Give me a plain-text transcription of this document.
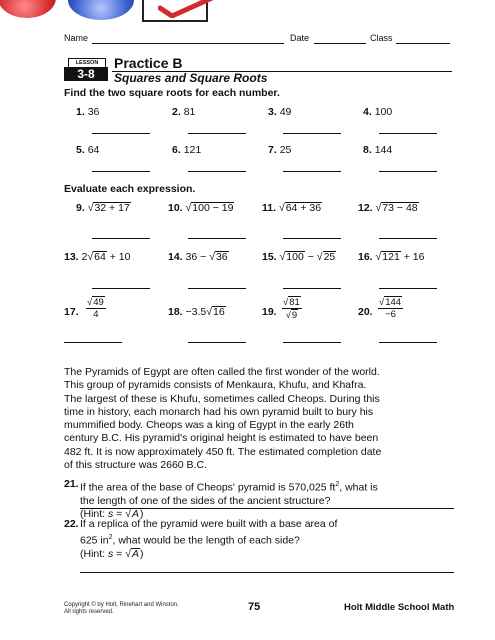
Name	Date	Class
LESSON
3-8
Practice B
Squares and Square Roots
Find the two square roots for each number.
1. 36	2. 81	3. 49	4. 100
5. 64	6. 121	7. 25	8. 144
Evaluate each expression.
9. √32 + 17	10. √100 − 19	11. √64 + 36	12. √73 − 48
13. 2√64 + 10	14. 36 − √36	15. √100 − √25 16. √121 + 16
17. $\frac{√49}{4}$	18. −3.5√16	19. $\frac{√81}{√9}$	20. $\frac{√144}{-6}$
The Pyramids of Egypt are often called the first wonder of the world.
This group of pyramids consists of Menkaura, Khufu, and Khafra.
The largest of these is Khufu, sometimes called Cheops. During this
time in history, each monarch had his own pyramid built to bury his
mummified body. Cheops was a king of Egypt in the early 26th
century B.C. His pyramid's original height is estimated to have been
482 ft. It is now approximately 450 ft. The estimated completion date
of this structure was 2660 B.C.
21. If the area of the base of Cheops' pyramid is 570,025 $ft^2$, what is
the length of one of the sides of the ancient structure?
(Hint: s = √A)
22. If a replica of the pyramid were built with a base area of
625 $in^2$, what would be the length of each side?
(Hint: s = √A)
Copyright © by Holt, Rinehart and Winston.
All rights reserved.	75	Holt Middle School Math
